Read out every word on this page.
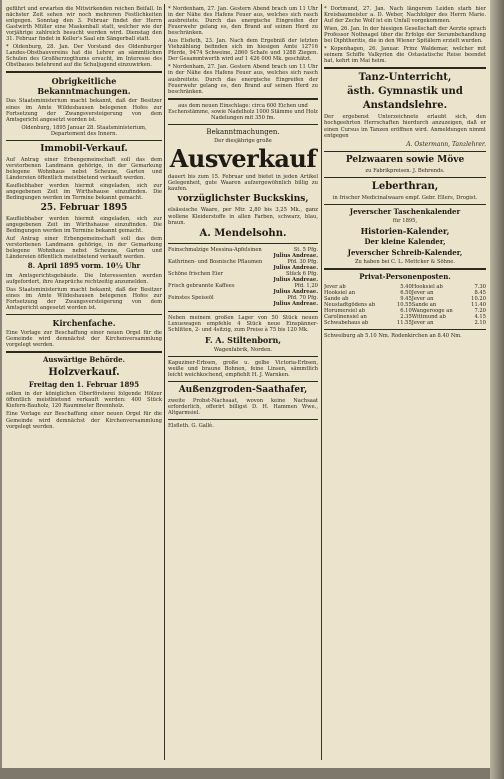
geführt und erwarten die Mitwirkenden reichen Beifall. In nächster Zeit sehen wir noch mehreren Festlichkeiten entgegen. Sonntag den 3. Februar findet der Herrn Gastwirth Müller eine Maskenball statt, welcher wie der vorjährige zahlreich besucht werden wird. Dienstag den 31. Februar findet in Keller's Saal ein Sängerball statt.

* Oldenburg, 28. Jan. Der Vorstand des Oldenburger Landes-Obstbauvereins hat die Lehrer an sämmtlichen Schulen des Großherzogthums ersucht, im Interesse des Obstbaues belehrend auf die Schuljugend einzuwirken.

Obrigkeitliche Bekanntmachungen.

Das Staatsministerium macht bekannt, daß der Besitzer eines im Amte Wildeshausen belegenen Hofes zur Fortsetzung der Zwangsversteigerung von dem Amtsgericht angesetzt worden ist.

Oldenburg, 1895 Januar 28. Staatsministerium, Departement des Innern.

Immobil-Verkauf.

Auf Antrag einer Erbengemeinschaft soll das dem verstorbenen Landmann gehörige, in der Gemarkung belegene Wohnhaus nebst Scheune, Garten und Ländereien öffentlich meistbietend verkauft werden.

Kaufliebhaber werden hiermit eingeladen, sich zur angegebenen Zeit im Wirthshause einzufinden. Die Bedingungen werden im Termine bekannt gemacht.

25. Februar 1895

Kaufliebhaber werden hiermit eingeladen, sich zur angegebenen Zeit im Wirthshause einzufinden. Die Bedingungen werden im Termine bekannt gemacht.

Auf Antrag einer Erbengemeinschaft soll das dem verstorbenen Landmann gehörige, in der Gemarkung belegene Wohnhaus nebst Scheune, Garten und Ländereien öffentlich meistbietend verkauft werden.

8. April 1895 vorm. 10½ Uhr

im Amtsgerichtsgebäude. Die Interessenten werden aufgefordert, ihre Ansprüche rechtzeitig anzumelden.

Das Staatsministerium macht bekannt, daß der Besitzer eines im Amte Wildeshausen belegenen Hofes zur Fortsetzung der Zwangsversteigerung von dem Amtsgericht angesetzt worden ist.

Kirchenfache.

Eine Vorlage zur Beschaffung einer neuen Orgel für die Gemeinde wird demnächst der Kirchenversammlung vorgelegt werden.

Auswärtige Behörde.
Holzverkauf.
Freitag den 1. Februar 1895

sollen in der königlichen Oberförsterei folgende Hölzer öffentlich meistbietend verkauft werden: 400 Stück Kiefern-Bauholz, 120 Raummeter Brennholz.

Eine Vorlage zur Beschaffung einer neuen Orgel für die Gemeinde wird demnächst der Kirchenversammlung vorgelegt werden.

* Nordenham, 27. Jan. Gestern Abend brach um 11 Uhr in der Nähe des Hafens Feuer aus, welches sich rasch ausbreitete. Durch das energische Eingreifen der Feuerwehr gelang es, den Brand auf seinen Herd zu beschränken.

Aus Elsfleth, 23. Jan. Nach dem Ergebniß der letzten Viehzählung befinden sich im hiesigen Amte 12716 Pferde, 9474 Schweine, 2860 Schafe und 1288 Ziegen. Der Gesammtwerth wird auf 1 426 000 Mk. geschätzt.

* Nordenham, 27. Jan. Gestern Abend brach um 11 Uhr in der Nähe des Hafens Feuer aus, welches sich rasch ausbreitete. Durch das energische Eingreifen der Feuerwehr gelang es, den Brand auf seinen Herd zu beschränken.

aus dem neuen Einschlage: circa 600 Eichen und Eschenstämme, sowie Nadelholz 1000 Stämme und Holz Nadelungen mit 350 fm.

Bekanntmachungen.
Der diesjährige große
Ausverkauf

dauert bis zum 15. Februar und bietet in jeden Artikel Gelegenheit, gute Waaren aufzergewöhnlich billig zu kaufen.

vorzüglichster Buckskins,

elsässische Waare, per Mtr. 2,80 bis 3,25 Mk., ganz wollene Kleiderstoffe in allen Farben, schwarz, blau, braun.

A. Mendelsohn.
Feinschmalzige Messina-Apfelsinen	St. 5 Pfg.
Julius Andreae.
Kathrinen- und Bosnische Pflaumen	Pfd. 30 Pfg.
Julius Andreae.
Schöne frischen Eier	Stück 6 Pfg.
Julius Andreae.
Frisch gebrannte Kaffees	Pfd. 1,20
Julius Andreae.
Feinstes Speiseöl	Pfd. 70 Pfg.
Julius Andreae.

Neben meinem großen Lager von 50 Stück neuen Luxuswagen empfehle 4 Stück neue Einspänner-Schlitten, 2- und 4sitzig, zum Preise à 75 bis 120 Mk.

F. A. Stiltenborn,
Wagenfabrik, Norden.

Kapuziner-Erbsen, große u. gelbe Victoria-Erbsen, weiße und braune Bohnen, feine Linsen, sämmtlich leicht weichkochend, empfiehlt H. J. Warnken.

Außenzgroden-Saathafer,

zweite Probst-Nachsaat, wovon keine Nachsaat erforderlich, offerirt billigst D. H. Hammen Wwe., Altgarmsiel.

Elsfleth. G. Gallè.

* Dortmund, 27. Jan. Nach längerem Leiden starb hier Kreisbaumeister a. D. Weber, Nachfolger des Herrn Marie. Auf der Zeche Wolf ist ein Unfall vorgekommen.

Wien, 26. Jan. In der hiesigen Gesellschaft der Aerzte sprach Professor Nothnagel über die Erfolge der Serumbehandlung bei Diphtheritis, die in den Wiener Spitälern erzielt wurden.

* Kopenhagen, 26. Januar. Prinz Waldemar, welcher mit seinem Schiffe Valkyrien die Ostasiatische Reise beendet hat, kehrt im Mai heim.

Tanz-Unterricht,
ästh. Gymnastik und
Anstandslehre.

Der ergebenst Unterzeichnete erlaubt sich, den hochgeehrten Herrschaften hierdurch anzuzeigen, daß er einen Cursus im Tanzen eröffnen wird. Anmeldungen nimmt entgegen

A. Ostermann, Tanzlehrer.
Pelzwaaren sowie Möve
zu Fabrikpreisen. J. Behrends.
Leberthran,
in frischer Medicinalwaare empf. Gebr. Ellers, Drogist.
Jeverscher Taschenkalender
für 1895,
Historien-Kalender,
Der kleine Kalender,
Jeverscher Schreib-Kalender,
Zu haben bei C. L. Mettcker & Söhne.
Privat-Personenposten.
Jever ab	5.40	Hooksiel ab	7.30
Hooksiel an	6.50	Jever an	8.45
Sande ab	9.45	Jever an	10.20
Neustadtgödens ab	10.55	Sande an	11.40
Horumersiel ab	6.10	Wangerooge an	7.20
Carolinensiel an	2.35	Wittmund ab	4.15
Schwabehaus ab	11.55	Jever an	2.10
Schweiburg ab 5.10 Nm. Rodenkirchen an 8.40 Nm.
